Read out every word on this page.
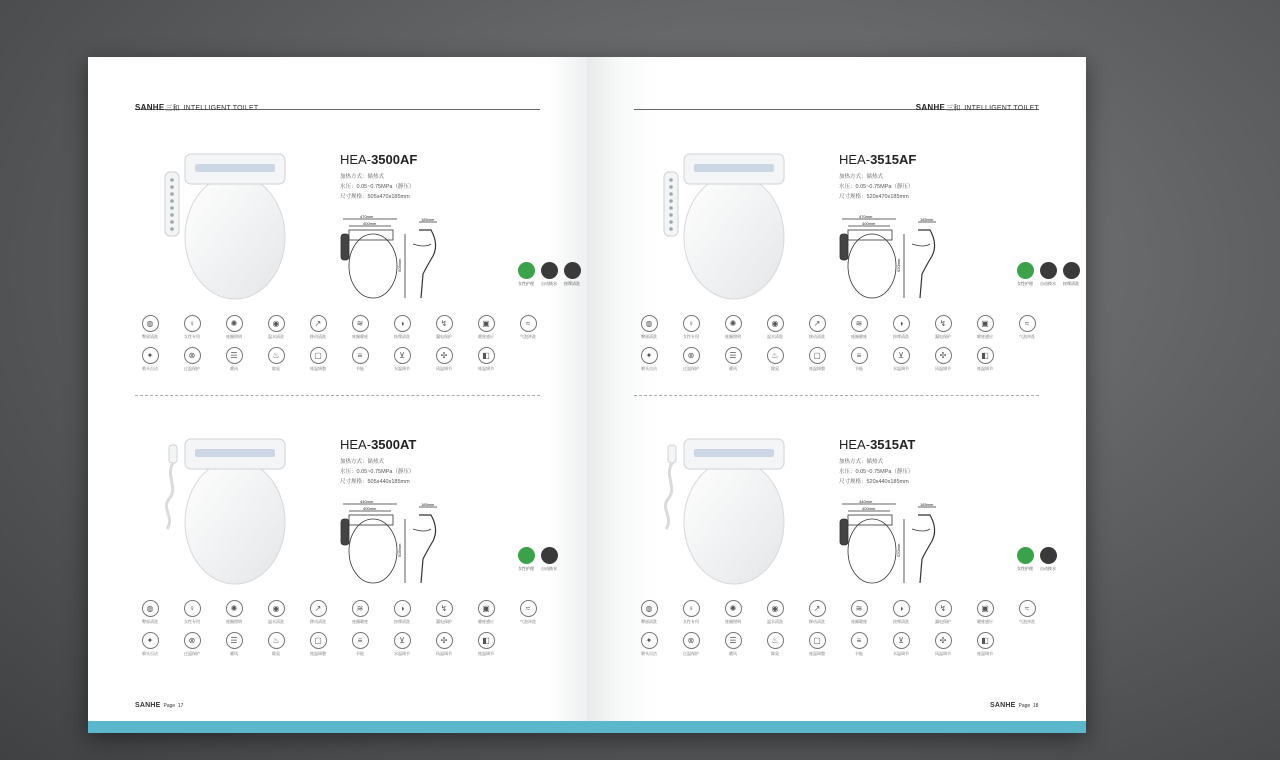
SANHE三和 INTELLIGENT TOILET
HEA-3500AF
加热方式：储热式
水压：0.05~0.75MPa（静压）
尺寸规格：505x470x185mm
470mm
400mm
185mm
505mm
女性护理	自动换水	按摩清洗
◍
臀部清洗
♀
女性专用
✺
座圈照明
◉
温水清洗
↗
移动清洗
≋
座圈暖座
◑
按摩清洗
↯
漏电保护
▣
暖座感应
≈
气泡冲洗
✦
喷头自洁
⊗
过温保护
☰
暖风
♨
除臭
▢
座温调整
≡
节能
⊻
水温调节
✣
风温调节
◧
座温调节
HEA-3500AT
加热方式：储热式
水压：0.05~0.75MPa（静压）
尺寸规格：505x440x185mm
440mm
400mm
185mm
505mm
女性护理	自动换水
◍
臀部清洗
♀
女性专用
✺
座圈照明
◉
温水清洗
↗
移动清洗
≋
座圈暖座
◑
按摩清洗
↯
漏电保护
▣
暖座感应
≈
气泡冲洗
✦
喷头自洁
⊗
过温保护
☰
暖风
♨
除臭
▢
座温调整
≡
节能
⊻
水温调节
✣
风温调节
◧
座温调节
SANHE Page 17
SANHE三和 INTELLIGENT TOILET
HEA-3515AF
加热方式：储热式
水压：0.05~0.75MPa（静压）
尺寸规格：520x470x185mm
470mm
400mm
185mm
520mm
女性护理	自动换水	按摩清洗
◍
臀部清洗
♀
女性专用
✺
座圈照明
◉
温水清洗
↗
移动清洗
≋
座圈暖座
◑
按摩清洗
↯
漏电保护
▣
暖座感应
≈
气泡冲洗
✦
喷头自洁
⊗
过温保护
☰
暖风
♨
除臭
▢
座温调整
≡
节能
⊻
水温调节
✣
风温调节
◧
座温调节
HEA-3515AT
加热方式：储热式
水压：0.05~0.75MPa（静压）
尺寸规格：520x440x185mm
440mm
400mm
185mm
520mm
女性护理	自动换水
◍
臀部清洗
♀
女性专用
✺
座圈照明
◉
温水清洗
↗
移动清洗
≋
座圈暖座
◑
按摩清洗
↯
漏电保护
▣
暖座感应
≈
气泡冲洗
✦
喷头自洁
⊗
过温保护
☰
暖风
♨
除臭
▢
座温调整
≡
节能
⊻
水温调节
✣
风温调节
◧
座温调节
SANHE Page 18
